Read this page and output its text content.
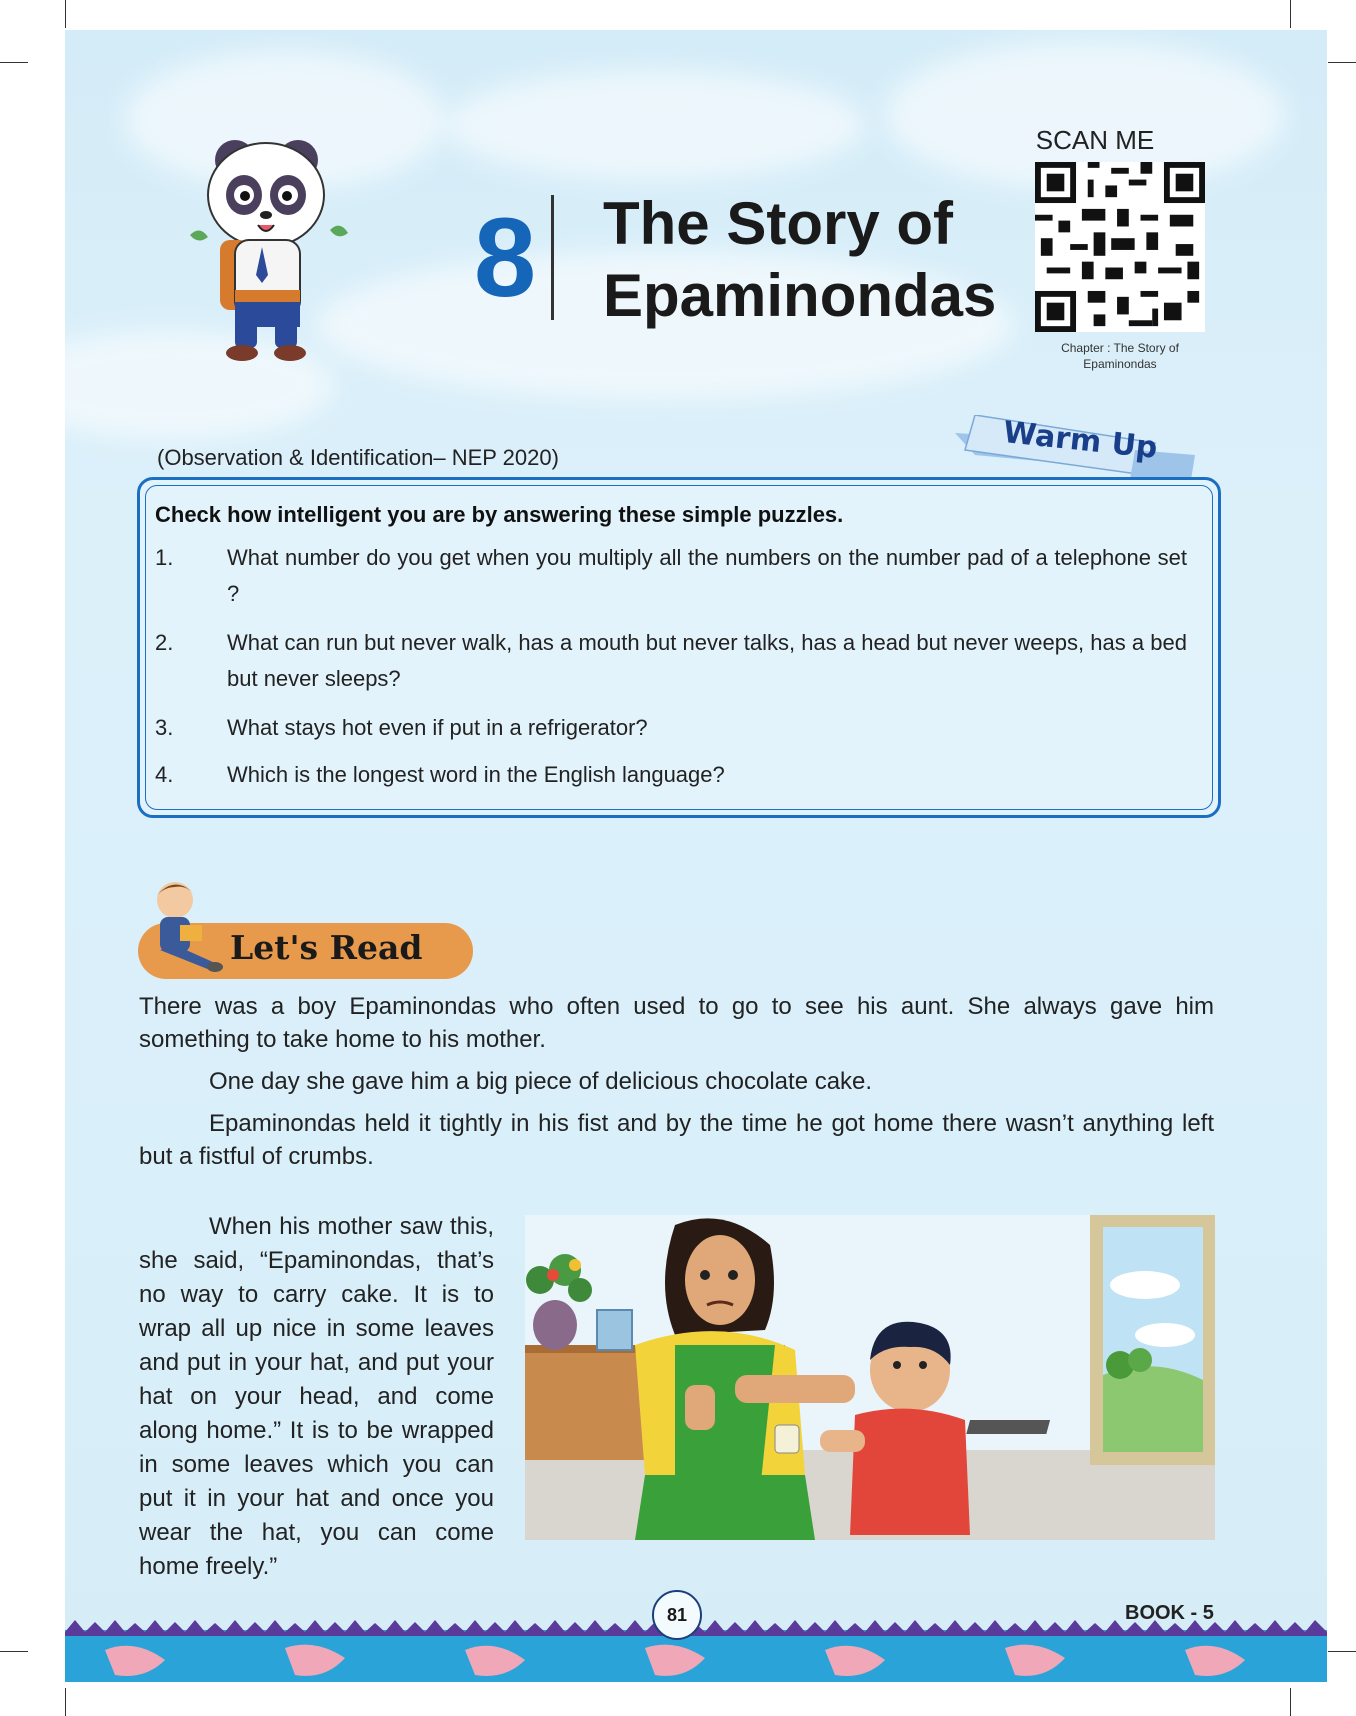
8	The Story of
Epaminondas
SCAN ME
Chapter : The Story of
Epaminondas
(Observation & Identification– NEP 2020)	Warm Up
Check how intelligent you are by answering these simple puzzles.
1.	What number do you get when you multiply all the numbers on the number pad of a telephone set ?
2.	What can run but never walk, has a mouth but never talks, has a head but never weeps, has a bed but never sleeps?
3.	What stays hot even if put in a refrigerator?
4.	Which is the longest word in the English language?
Let's Read
There was a boy Epaminondas who often used to go to see his aunt. She always gave him something to take home to his mother.
One day she gave him a big piece of delicious chocolate cake.
Epaminondas held it tightly in his fist and by the time he got home there wasn’t anything left but a fistful of crumbs.
When his mother saw this, she said, “Epaminondas, that’s no way to carry cake. It is to wrap all up nice in some leaves and put in your hat, and put your hat on your head, and come along home.” It is to be wrapped in some leaves which you can put it in your hat and once you wear the hat, you can come home freely.”
81	BOOK - 5
